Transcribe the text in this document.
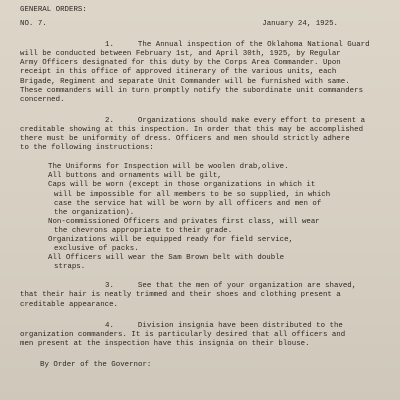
GENERAL ORDERS:
NO. 7.	January 24, 1925.
1.	The Annual inspection of the Oklahoma National Guard
will be conducted between February 1st, and April 30th, 1925, by Regular
Army Officers designated for this duty by the Corps Area Commander. Upon
receipt in this office of approved itinerary of the various units, each
Brigade, Regiment and separate Unit Commander will be furnished with same.
These commanders will in turn promptly notify the subordinate unit commanders
concerned.
2.	Organizations should make every effort to present a
creditable showing at this inspection. In order that this may be accomplished
there must be uniformity of dress. Officers and men should strictly adhere
to the following instructions:
The Uniforms for Inspection will be woolen drab,olive.
All buttons and ornaments will be gilt,
Caps will be worn (except in those organizations in which it
will be impossible for all members to be so supplied, in which
case the service hat will be worn by all officers and men of
the organization).
Non-commissioned Officers and privates first class, will wear
the chevrons appropriate to their grade.
Organizations will be equipped ready for field service,
exclusive of packs.
All Officers will wear the Sam Brown belt with double
straps.
3.	See that the men of your organization are shaved,
that their hair is neatly trimmed and their shoes and clothing present a
creditable appearance.
4.	Division insignia have been distributed to the
organization commanders. It is particularly desired that all officers and
men present at the inspection have this insignia on their blouse.
By Order of the Governor:
